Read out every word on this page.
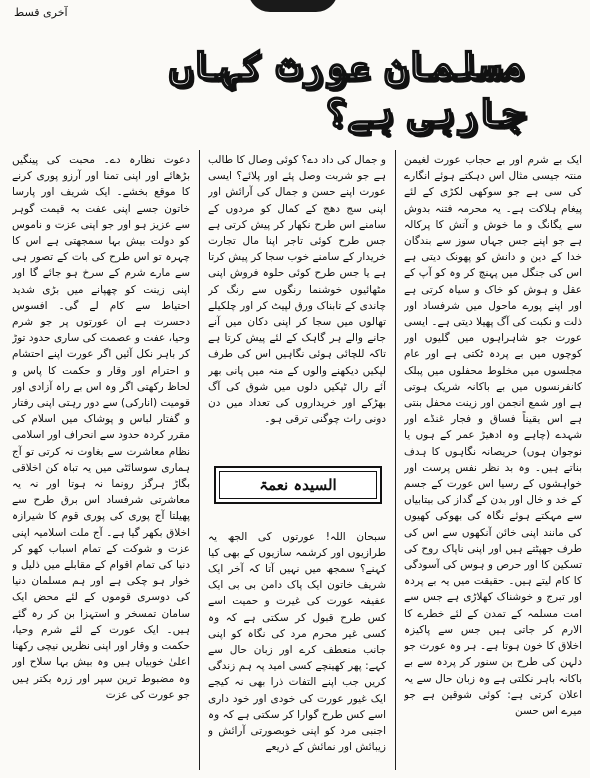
آخری قسط
مسلمان عورت کہاں جارہی ہے؟

ایک بے شرم اور بے حجاب عورت لغیمن منتہ جیسی مثال اس دہکتے ہوئے انگارے کی سی ہے جو سوکھی لکڑی کے لئے پیغام ہلاکت ہے۔ یہ محرمہ فتنہ بدوش سے یگانگ و ما خوش و آتش کا پرکالہ ہے جو اپنے جس جہاں سوز سے بندگان خدا کے دین و دانش کو پھونک دیتی ہے اس کی جنگل میں پہنچ کر وہ کو آپ کے عقل و ہوش کو خاک و سیاہ کرتی ہے اور اپنے پورے ماحول میں شرفساد اور ذلت و نکبت کی آگ پھیلا دیتی ہے۔ ایسی عورت جو شاہراہوں میں گلیوں اور کوچوں میں بے پردہ ٹکتی ہے اور عام مجلسوں میں مخلوط محفلوں میں پبلک کانفرنسوں میں بے باکانہ شریک ہوتی ہے اور شمع انجمن اور زینت محفل بنتی ہے اس یقیناً فساق و فجار غنڈے اور شہدے (چاہے وہ ادھیڑ عمر کے ہوں یا نوجوان ہوں) حریصانہ نگاہوں کا ہدف بناتے ہیں۔ وہ بد نظر نفس پرست اور خواہشوں کے رسیا اس عورت کے جسم کے خد و خال اور بدن کے گداز کی بیتابیاں سے مہکتے ہوئے نگاہ کی بھوکی کھیوں کی مانند اپنی خائن آنکھوں سے اس کی طرف جھپٹتے ہیں اور اپنی ناپاک روح کی تسکین کا اور حرص و ہوس کی آسودگی کا کام لیتے ہیں۔ حقیقت میں یہ بے پردہ اور تبرج و خوشناک کھلاڑی ہے جس سے امت مسلمہ کے تمدن کے لئے خطرے کا الارم کر جاتی ہیں جس سے پاکیزہ اخلاق کا خون ہوتا ہے۔ ہر وہ عورت جو دلہن کی طرح بن سنور کر پردہ سے بے باکانہ باہر نکلتی ہے وہ زبان حال سے یہ اعلان کرتی ہے: کوئی شوقین ہے جو میرے اس حسن

و جمال کی داد دے؟ کوئی وصال کا طالب ہے جو شربت وصل پئے اور پلائے؟ ایسی عورت اپنے حسن و جمال کی آرائش اور اپنی سج دھج کے کمال کو مردوں کے سامنے اس طرح نکھار کر پیش کرتی ہے جس طرح کوئی تاجر اپنا مال تجارت خریدار کے سامنے خوب سجا کر پیش کرتا ہے یا جس طرح کوئی حلوہ فروش اپنی مٹھائیوں خوشنما رنگوں سے رنگ کر چاندی کے تابناک ورق لپیٹ کر اور چلکیلے تھالوں میں سجا کر اپنی دکان میں آنے جانے والے ہر گاہک کے لئے پیش کرتا ہے تاکہ للچائی ہوئی نگاہیں اس کی طرف لپکیں دیکھنے والوں کے منہ میں پانی بھر آئے رال ٹپکیں دلوں میں شوق کی آگ بھڑکے اور خریداروں کی تعداد میں دن دونی رات چوگنی ترقی ہو۔

السیدہ نعمۃ

سبحان اللہ! عورتوں کی الجھ یہ طرازیوں اور کرشمہ سازیوں کے بھی کیا کہنے؟ سمجھ میں نہیں آتا کہ آخر ایک شریف خاتون ایک پاک دامن بی بی ایک عفیفہ عورت کی غیرت و حمیت اسے کس طرح قبول کر سکتی ہے کہ وہ کسی غیر محرم مرد کی نگاہ کو اپنی جانب منعطف کرے اور زبان حال سے کہے: پھر کھینچے کسی امید پہ ہم زندگی کریں جب اپنے التفات ذرا بھی نہ کیجے ایک غیور عورت کی خودی اور خود داری اسے کس طرح گوارا کر سکتی ہے کہ وہ اجنبی مرد کو اپنی خوبصورتی آرائش و زیبائش اور نمائش کے ذریعے

دعوت نظارہ دے۔ محبت کی پینگیں بڑھائے اور اپنی تمنا اور آرزو پوری کرنے کا موقع بخشے۔ ایک شریف اور پارسا خاتون جسے اپنی عفت بہ قیمت گوہر سے عزیز ہو اور جو اپنی عزت و ناموس کو دولت بیش بہا سمجھتی ہے اس کا چہرہ تو اس طرح کی بات کے تصور ہی سے مارے شرم کے سرخ ہو جائے گا اور اپنی زینت کو چھپانے میں بڑی شدید احتیاط سے کام لے گی۔ افسوس دحسرت ہے ان عورتوں پر جو شرم وحیا، عفت و عصمت کی ساری حدود توڑ کر باہر نکل آئیں اگر عورت اپنے احتشام و احترام اور وقار و حکمت کا پاس و لحاظ رکھتی اگر وہ اس بے راہ آزادی اور قومیت (انارکی) سے دور رہتی اپنی رفتار و گفتار لباس و پوشاک میں اسلام کی مقرر کردہ حدود سے انحراف اور اسلامی نظام معاشرت سے بغاوت نہ کرتی تو آج ہماری سوسائٹی میں یہ تباہ کن اخلاقی بگاڑ ہرگز رونما نہ ہوتا اور نہ یہ معاشرتی شرفساد اس برق طرح سے پھیلتا آج پوری کی پوری قوم کا شیرازہ اخلاق بکھر گیا ہے۔ آج ملت اسلامیہ اپنی عزت و شوکت کے تمام اسباب کھو کر دنیا کی تمام اقوام کے مقابلے میں ذلیل و خوار ہو چکی ہے اور ہم مسلمان دنیا کی دوسری قوموں کے لئے محض ایک سامان تمسخر و استہزا بن کر رہ گئے ہیں۔ ایک عورت کے لئے شرم وحیا، حکمت و وقار اور اپنی نظریں نیچی رکھنا اعلیٰ خوبیاں ہیں وہ بیش بہا سلاح اور وہ مضبوط ترین سپر اور زرہ بکتر ہیں جو عورت کی عزت
